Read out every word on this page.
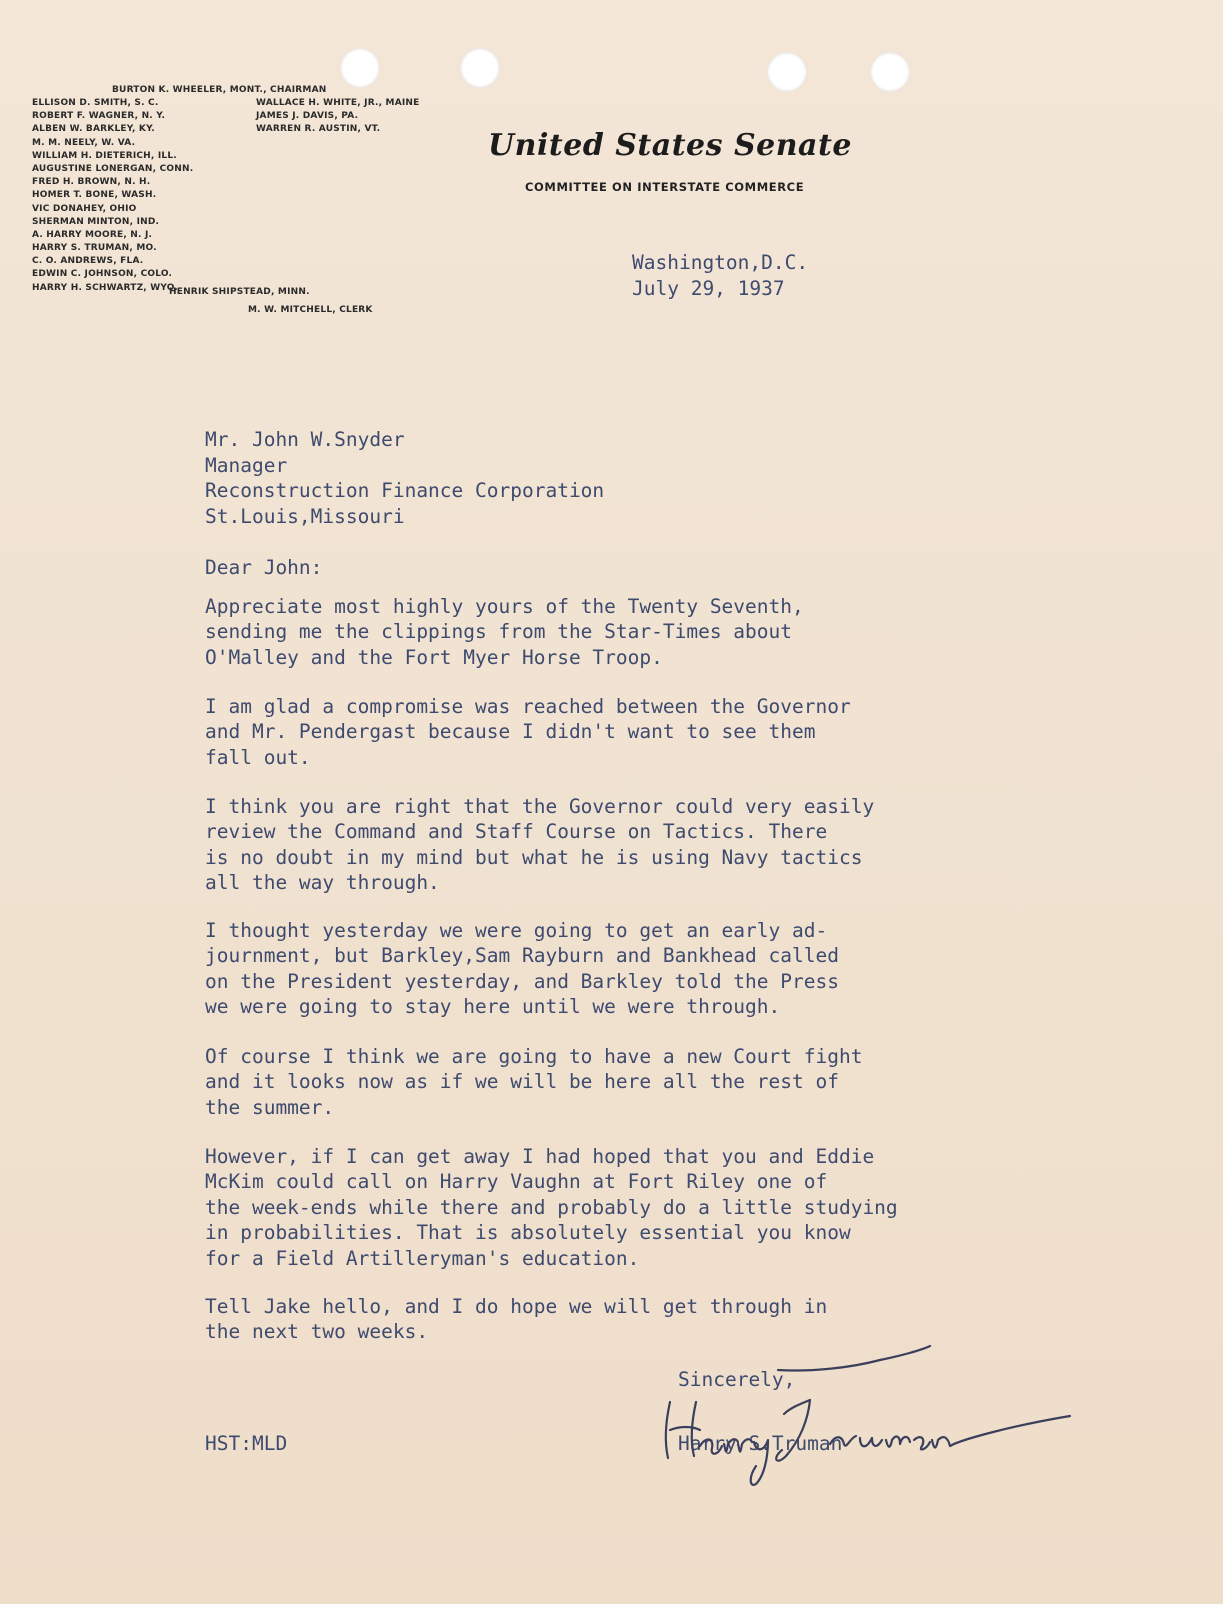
BURTON K. WHEELER, MONT., CHAIRMAN
ELLISON D. SMITH, S. C.
ROBERT F. WAGNER, N. Y.
ALBEN W. BARKLEY, KY.
M. M. NEELY, W. VA.
WILLIAM H. DIETERICH, ILL.
AUGUSTINE LONERGAN, CONN.
FRED H. BROWN, N. H.
HOMER T. BONE, WASH.
VIC DONAHEY, OHIO
SHERMAN MINTON, IND.
A. HARRY MOORE, N. J.
HARRY S. TRUMAN, MO.
C. O. ANDREWS, FLA.
EDWIN C. JOHNSON, COLO.
HARRY H. SCHWARTZ, WYO.
WALLACE H. WHITE, JR., MAINE
JAMES J. DAVIS, PA.
WARREN R. AUSTIN, VT.
HENRIK SHIPSTEAD, MINN.
M. W. MITCHELL, CLERK
United States Senate
COMMITTEE ON INTERSTATE COMMERCE
Washington,D.C.
July 29, 1937
Mr. John W.Snyder
Manager
Reconstruction Finance Corporation
St.Louis,Missouri
Dear John:
Appreciate most highly yours of the Twenty Seventh,
sending me the clippings from the Star-Times about
O'Malley and the Fort Myer Horse Troop.
I am glad a compromise was reached between the Governor
and Mr. Pendergast because I didn't want to see them
fall out.
I think you are right that the Governor could very easily
review the Command and Staff Course on Tactics. There
is no doubt in my mind but what he is using Navy tactics
all the way through.
I thought yesterday we were going to get an early ad-
journment, but Barkley,Sam Rayburn and Bankhead called
on the President yesterday, and Barkley told the Press
we were going to stay here until we were through.
Of course I think we are going to have a new Court fight
and it looks now as if we will be here all the rest of
the summer.
However, if I can get away I had hoped that you and Eddie
McKim could call on Harry Vaughn at Fort Riley one of
the week-ends while there and probably do a little studying
in probabilities. That is absolutely essential you know
for a Field Artilleryman's education.
Tell Jake hello, and I do hope we will get through in
the next two weeks.
Sincerely,
Harry S.Truman
HST:MLD
